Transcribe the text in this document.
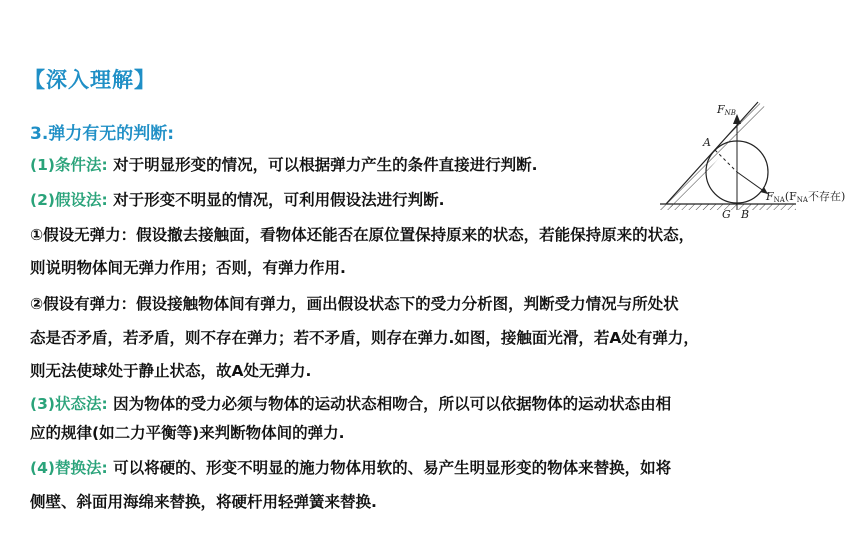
【深入理解】
3.弹力有无的判断:
(1)条件法: 对于明显形变的情况，可以根据弹力产生的条件直接进行判断.
(2)假设法: 对于形变不明显的情况，可利用假设法进行判断.
①假设无弹力：假设撤去接触面，看物体还能否在原位置保持原来的状态，若能保持原来的状态，
则说明物体间无弹力作用；否则，有弹力作用.
②假设有弹力：假设接触物体间有弹力，画出假设状态下的受力分析图，判断受力情况与所处状
态是否矛盾，若矛盾，则不存在弹力；若不矛盾，则存在弹力.如图，接触面光滑，若A处有弹力，
则无法使球处于静止状态，故A处无弹力.
(3)状态法: 因为物体的受力必须与物体的运动状态相吻合，所以可以依据物体的运动状态由相
应的规律(如二力平衡等)来判断物体间的弹力.
(4)替换法: 可以将硬的、形变不明显的施力物体用软的、易产生明显形变的物体来替换，如将
侧壁、斜面用海绵来替换，将硬杆用轻弹簧来替换.
FNB
A
G B
FNA(FNA不存在)
